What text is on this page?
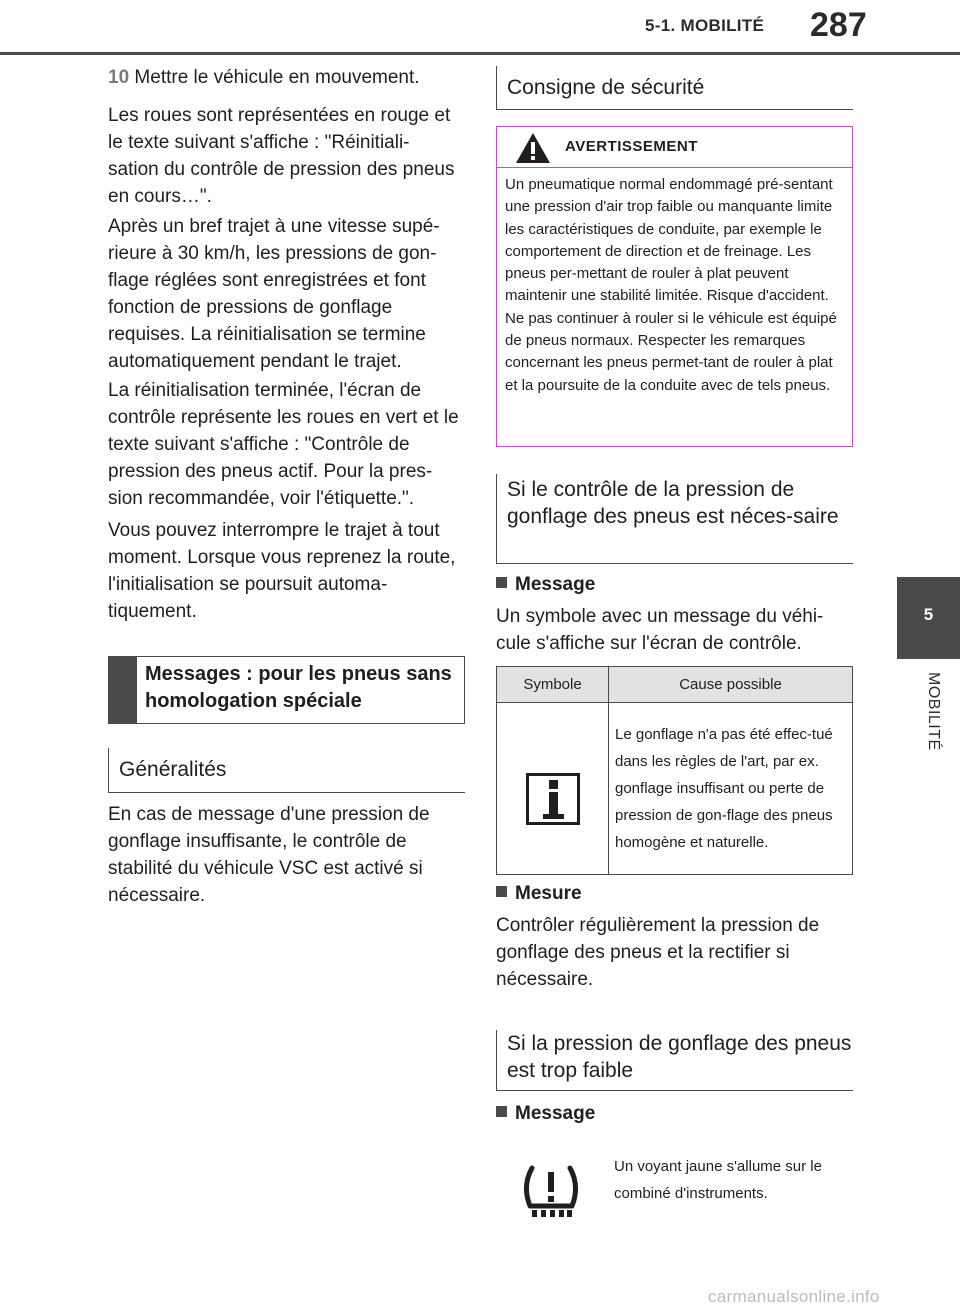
5-1. MOBILITÉ 287
5
MOBILITÉ
10 Mettre le véhicule en mouvement.
Les roues sont représentées en rouge et le texte suivant s'affiche : "Réinitiali-sation du contrôle de pression des pneus en cours…".
Après un bref trajet à une vitesse supé-rieure à 30 km/h, les pressions de gon-flage réglées sont enregistrées et font fonction de pressions de gonflage requises. La réinitialisation se termine automatiquement pendant le trajet.
La réinitialisation terminée, l'écran de contrôle représente les roues en vert et le texte suivant s'affiche : "Contrôle de pression des pneus actif. Pour la pres-sion recommandée, voir l'étiquette.".
Vous pouvez interrompre le trajet à tout moment. Lorsque vous reprenez la route, l'initialisation se poursuit automa-tiquement.
Messages : pour les pneus sans homologation spéciale
Généralités
En cas de message d'une pression de gonflage insuffisante, le contrôle de stabilité du véhicule VSC est activé si nécessaire.
Consigne de sécurité
AVERTISSEMENT
Un pneumatique normal endommagé pré-sentant une pression d'air trop faible ou manquante limite les caractéristiques de conduite, par exemple le comportement de direction et de freinage. Les pneus per-mettant de rouler à plat peuvent maintenir une stabilité limitée. Risque d'accident. Ne pas continuer à rouler si le véhicule est équipé de pneus normaux. Respecter les remarques concernant les pneus permet-tant de rouler à plat et la poursuite de la conduite avec de tels pneus.
Si le contrôle de la pression de gonflage des pneus est néces-saire
Message
Un symbole avec un message du véhi-cule s'affiche sur l'écran de contrôle.
Symbole	Cause possible

	Le gonflage n'a pas été effec-tué dans les règles de l'art, par ex. gonflage insuffisant ou perte de pression de gon-flage des pneus homogène et naturelle.
Mesure
Contrôler régulièrement la pression de gonflage des pneus et la rectifier si nécessaire.
Si la pression de gonflage des pneus est trop faible
Message
Un voyant jaune s'allume sur le combiné d'instruments.
carmanualsonline.info
